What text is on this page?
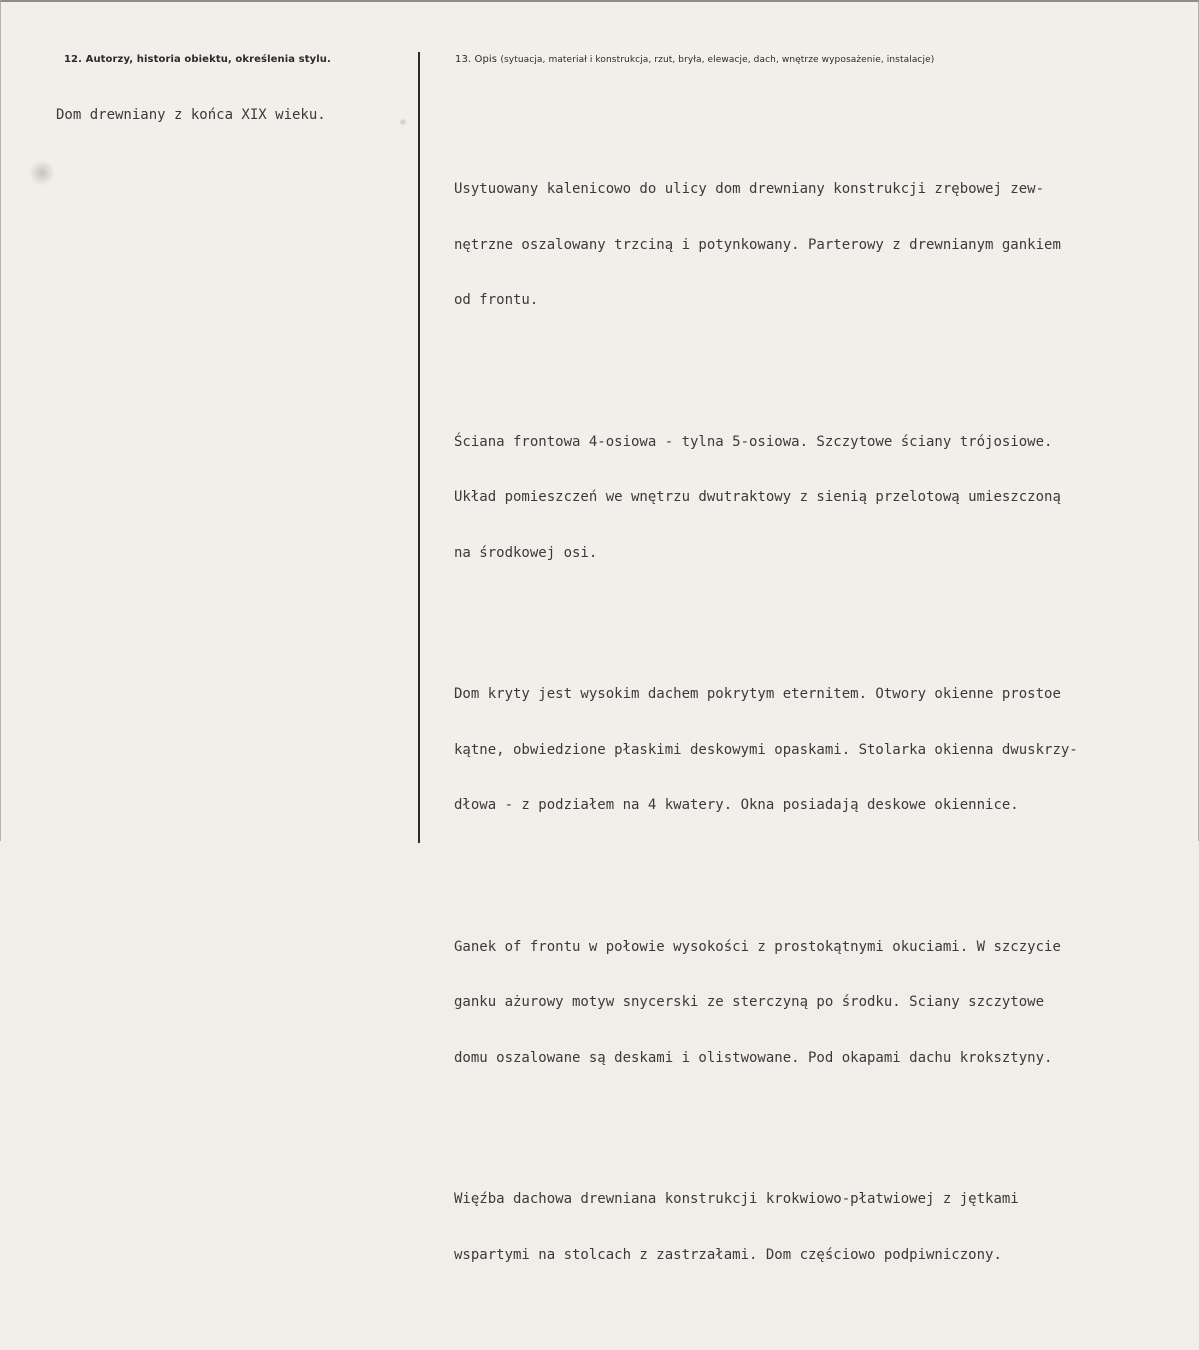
12. Autorzy, historia obiektu, określenia stylu.	13. Opis (sytuacja, materiał i konstrukcja, rzut, bryła, elewacje, dach, wnętrze wyposażenie, instalacje)
Dom drewniany z końca XIX wieku.

Usytuowany kalenicowo do ulicy dom drewniany konstrukcji zrębowej zew-

nętrzne oszalowany trzciną i potynkowany. Parterowy z drewnianym gankiem

od frontu.

Ściana frontowa 4-osiowa - tylna 5-osiowa. Szczytowe ściany trójosiowe.

Układ pomieszczeń we wnętrzu dwutraktowy z sienią przelotową umieszczoną

na środkowej osi.

Dom kryty jest wysokim dachem pokrytym eternitem. Otwory okienne prostoe

kątne, obwiedzione płaskimi deskowymi opaskami. Stolarka okienna dwuskrzy-

dłowa - z podziałem na 4 kwatery. Okna posiadają deskowe okiennice.

Ganek of frontu w połowie wysokości z prostokątnymi okuciami. W szczycie

ganku ażurowy motyw snycerski ze sterczyną po środku. Sciany szczytowe

domu oszalowane są deskami i olistwowane. Pod okapami dachu kroksztyny.

Więźba dachowa drewniana konstrukcji krokwiowo-płatwiowej z jętkami

wspartymi na stolcach z zastrzałami. Dom częściowo podpiwniczony.
